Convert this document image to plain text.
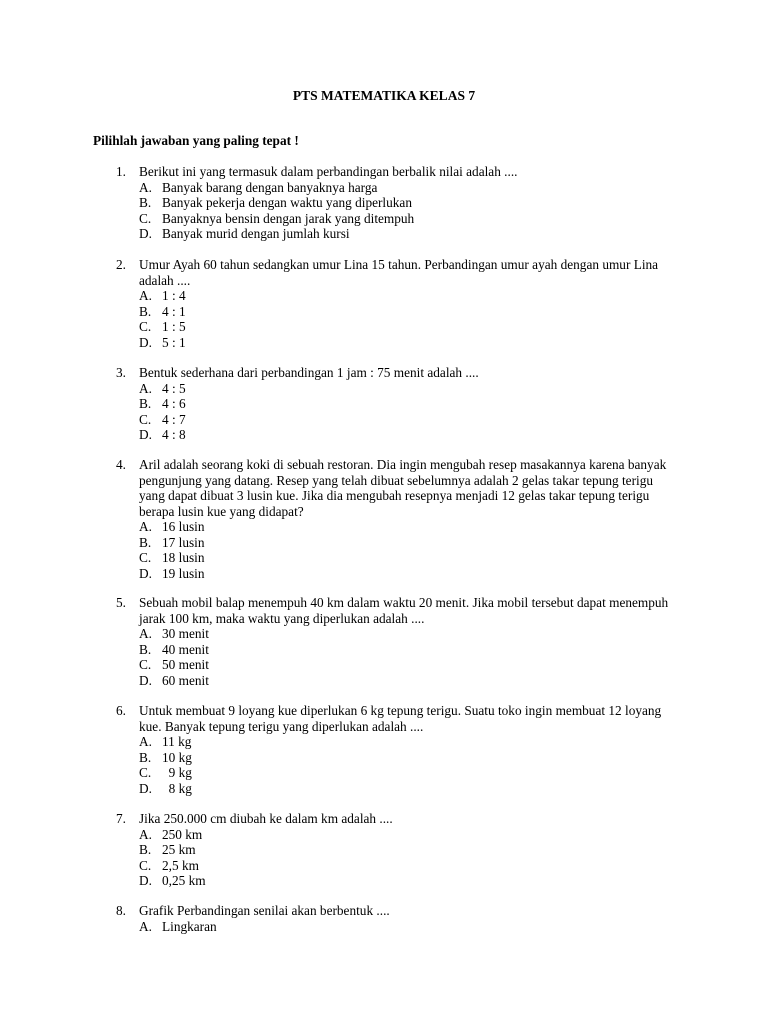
PTS MATEMATIKA KELAS 7
Pilihlah jawaban yang paling tepat !
1. Berikut ini yang termasuk dalam perbandingan berbalik nilai adalah ....
A. Banyak barang dengan banyaknya harga
B. Banyak pekerja dengan waktu yang diperlukan
C. Banyaknya bensin dengan jarak yang ditempuh
D. Banyak murid dengan jumlah kursi
2. Umur Ayah 60 tahun sedangkan umur Lina 15 tahun. Perbandingan umur ayah dengan umur Lina adalah ....
A. 1 : 4
B. 4 : 1
C. 1 : 5
D. 5 : 1
3. Bentuk sederhana dari perbandingan 1 jam : 75 menit adalah ....
A. 4 : 5
B. 4 : 6
C. 4 : 7
D. 4 : 8
4. Aril adalah seorang koki di sebuah restoran. Dia ingin mengubah resep masakannya karena banyak pengunjung yang datang. Resep yang telah dibuat sebelumnya adalah 2 gelas takar tepung terigu yang dapat dibuat 3 lusin kue. Jika dia mengubah resepnya menjadi 12 gelas takar tepung terigu berapa lusin kue yang didapat?
A. 16 lusin
B. 17 lusin
C. 18 lusin
D. 19 lusin
5. Sebuah mobil balap menempuh 40 km dalam waktu 20 menit. Jika mobil tersebut dapat menempuh jarak 100 km, maka waktu yang diperlukan adalah ....
A. 30 menit
B. 40 menit
C. 50 menit
D. 60 menit
6. Untuk membuat 9 loyang kue diperlukan 6 kg tepung terigu. Suatu toko ingin membuat 12 loyang kue. Banyak tepung terigu yang diperlukan adalah ....
A. 11 kg
B. 10 kg
C. 9 kg
D. 8 kg
7. Jika 250.000 cm diubah ke dalam km adalah ....
A. 250 km
B. 25 km
C. 2,5 km
D. 0,25 km
8. Grafik Perbandingan senilai akan berbentuk ....
A. Lingkaran
